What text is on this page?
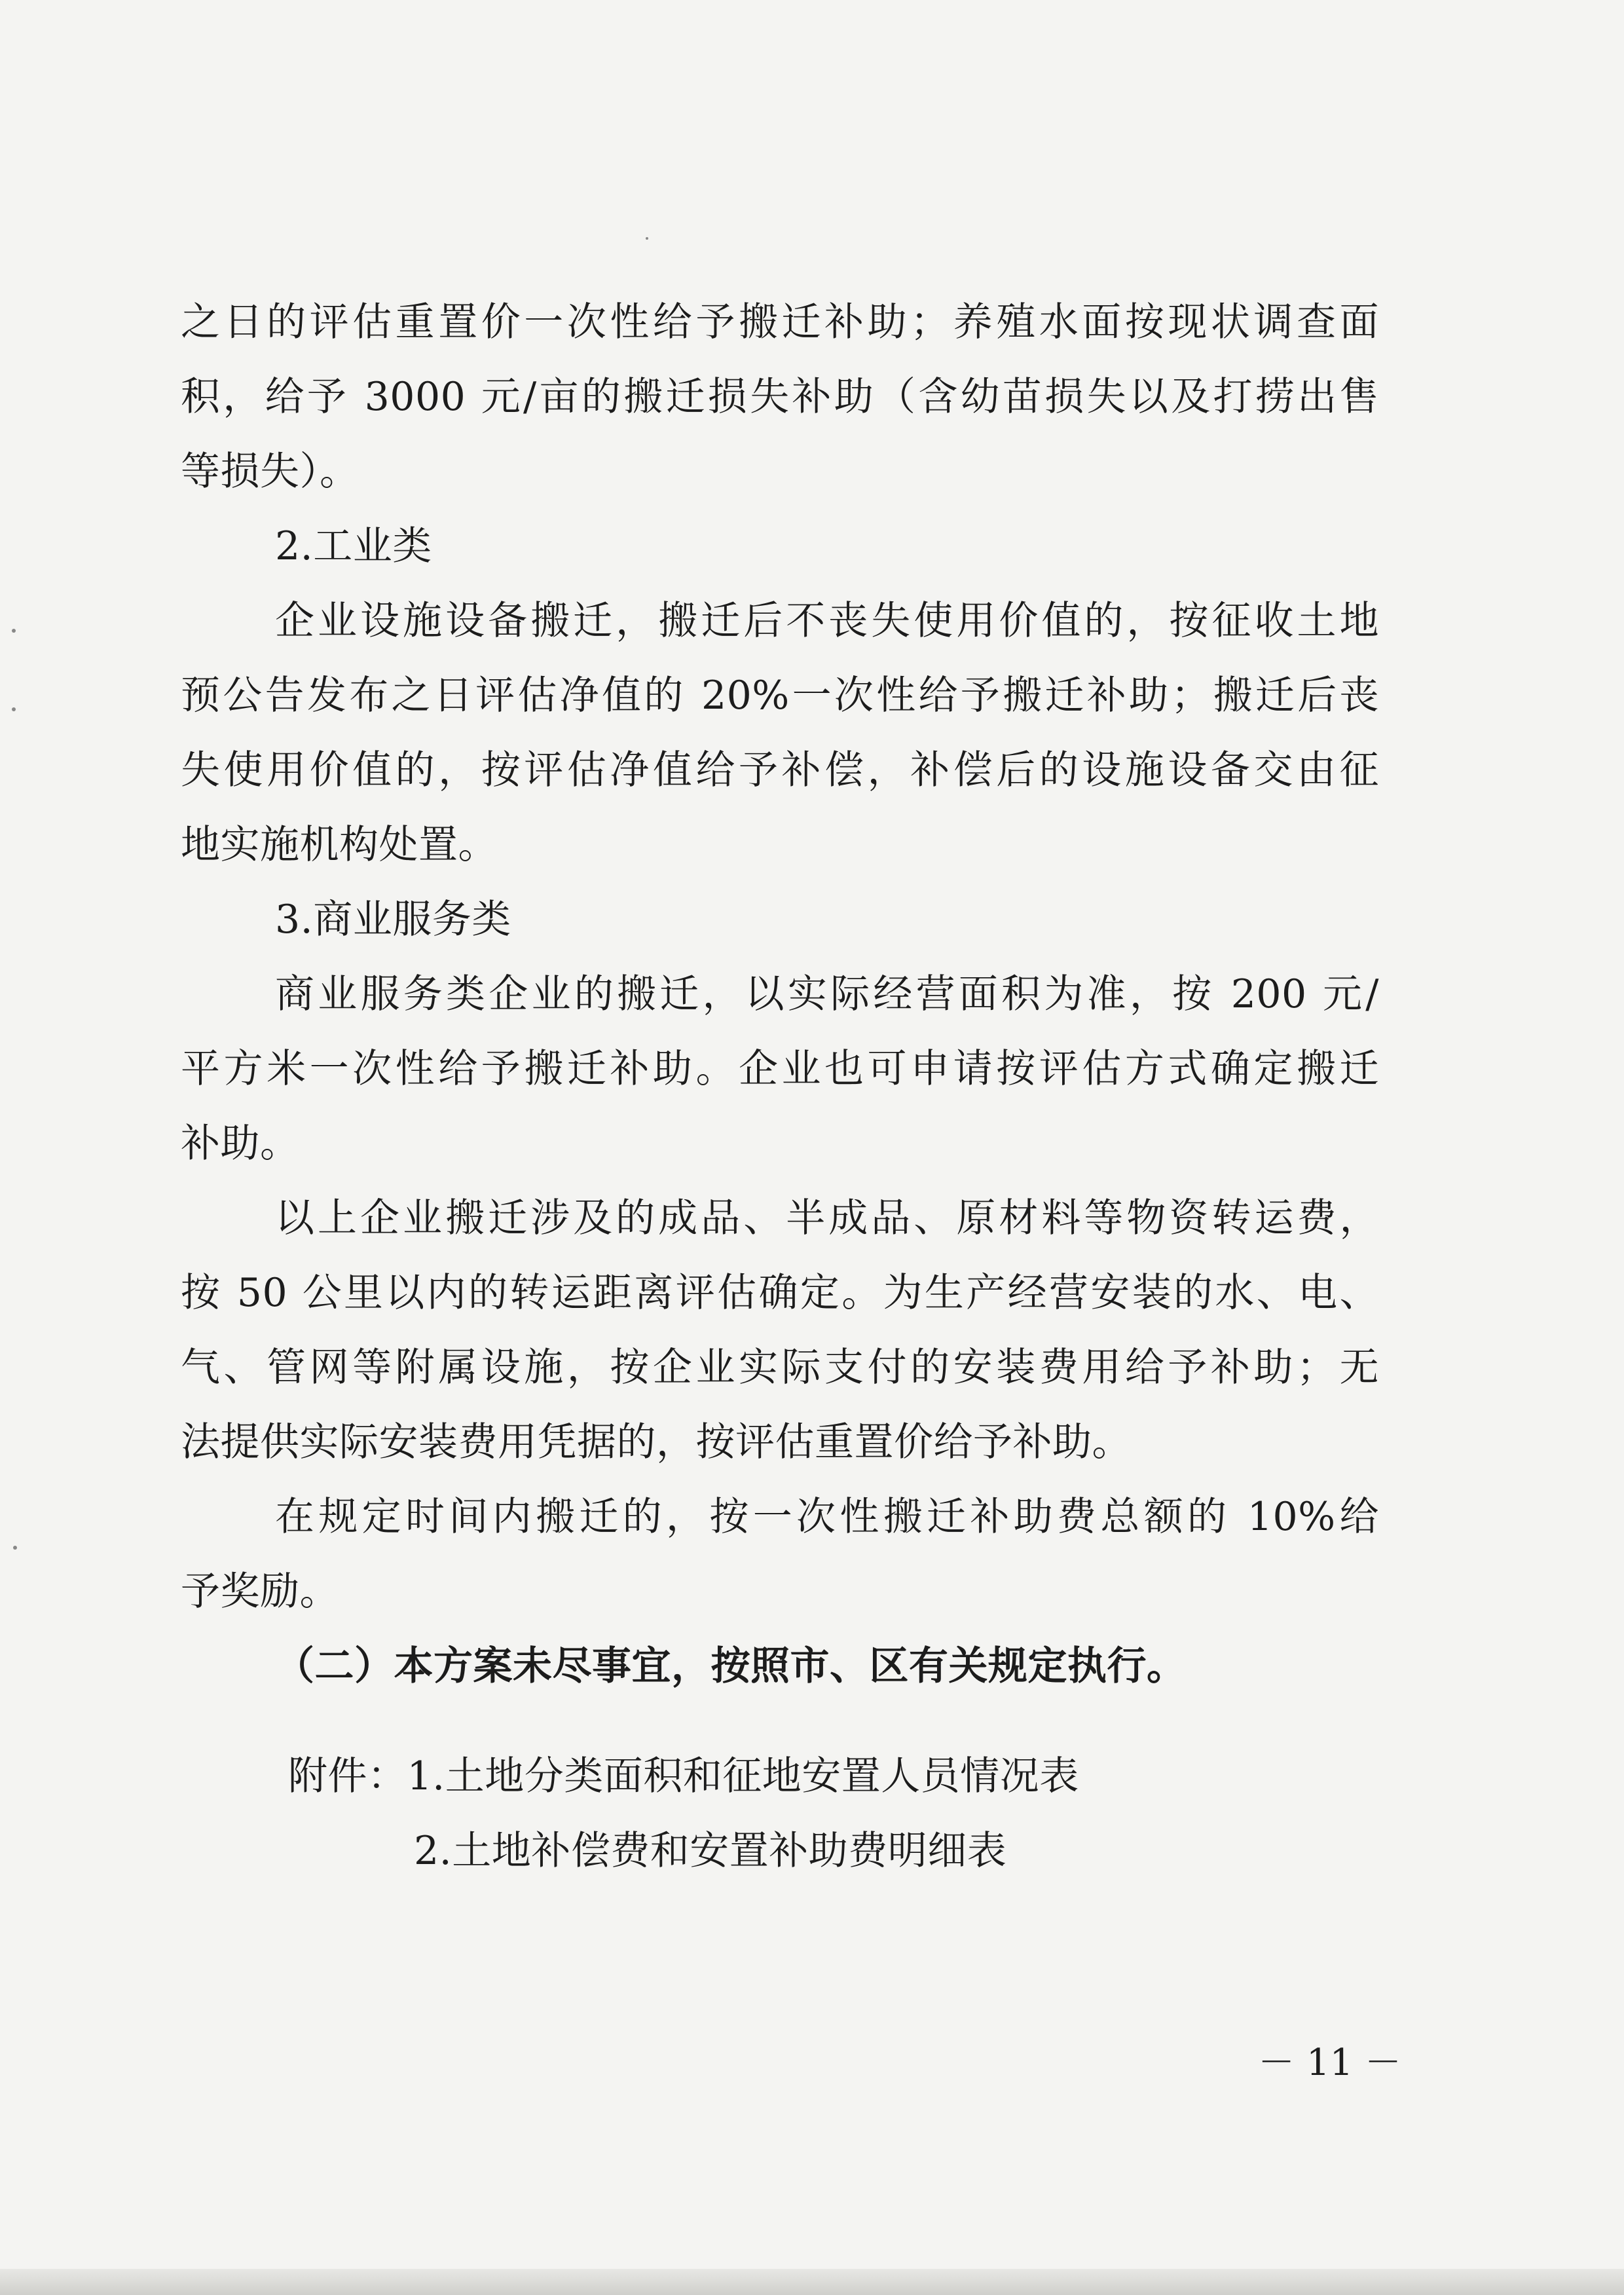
之日的评估重置价一次性给予搬迁补助；养殖水面按现状调查面
积，给予 3000 元/亩的搬迁损失补助（含幼苗损失以及打捞出售
等损失）。
2.工业类
企业设施设备搬迁，搬迁后不丧失使用价值的，按征收土地
预公告发布之日评估净值的 20%一次性给予搬迁补助；搬迁后丧
失使用价值的，按评估净值给予补偿，补偿后的设施设备交由征
地实施机构处置。
3.商业服务类
商业服务类企业的搬迁，以实际经营面积为准，按 200 元/
平方米一次性给予搬迁补助。企业也可申请按评估方式确定搬迁
补助。
以上企业搬迁涉及的成品、半成品、原材料等物资转运费，
按 50 公里以内的转运距离评估确定。为生产经营安装的水、电、
气、管网等附属设施，按企业实际支付的安装费用给予补助；无
法提供实际安装费用凭据的，按评估重置价给予补助。
在规定时间内搬迁的，按一次性搬迁补助费总额的 10%给
予奖励。
（二）本方案未尽事宜，按照市、区有关规定执行。
附件：1.土地分类面积和征地安置人员情况表
2.土地补偿费和安置补助费明细表
－ 11 －
